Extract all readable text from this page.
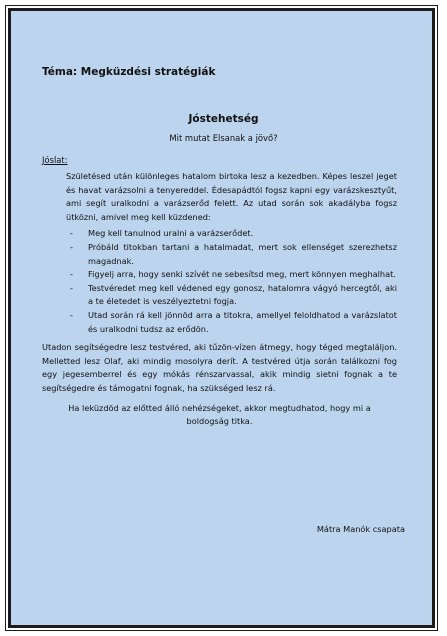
Téma: Megküzdési stratégiák
Jóstehetség

Mit mutat Elsanak a jövő?

Jóslat:

Születésed után különleges hatalom birtoka lesz a kezedben. Képes leszel jeget és havat varázsolni a tenyereddel. Édesapádtól fogsz kapni egy varázskesztyűt, ami segít uralkodni a varázserőd felett. Az utad során sok akadályba fogsz ütközni, amivel meg kell küzdened:

- Meg kell tanulnod uralni a varázserődet.
- Próbáld titokban tartani a hatalmadat, mert sok ellenséget szerezhetsz magadnak.
- Figyelj arra, hogy senki szívét ne sebesítsd meg, mert könnyen meghalhat.
- Testvéredet meg kell védened egy gonosz, hatalomra vágyó hercegtől, aki a te életedet is veszélyeztetni fogja.
- Utad során rá kell jönnöd arra a titokra, amellyel feloldhatod a varázslatot és uralkodni tudsz az erődön.

Utadon segítségedre lesz testvéred, aki tűzön-vízen átmegy, hogy téged megtaláljon. Melletted lesz Olaf, aki mindig mosolyra derít. A testvéred útja során találkozni fog egy jegesemberrel és egy mókás rénszarvassal, akik mindig sietni fognak a te segítségedre és támogatni fognak, ha szükséged lesz rá.

Ha leküzdöd az előtted álló nehézségeket, akkor megtudhatod, hogy mi a boldogság titka.

Mátra Manók csapata
